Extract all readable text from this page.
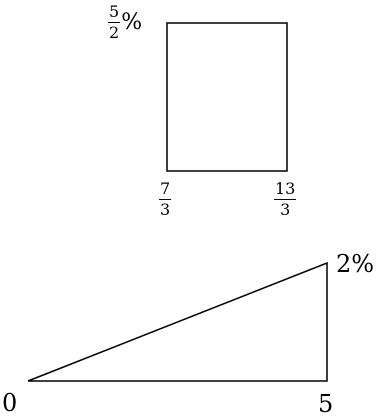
$\frac{5}{2}$ %
$\frac{7}{3}$	$\frac{13}{3}$
2%
0	5
